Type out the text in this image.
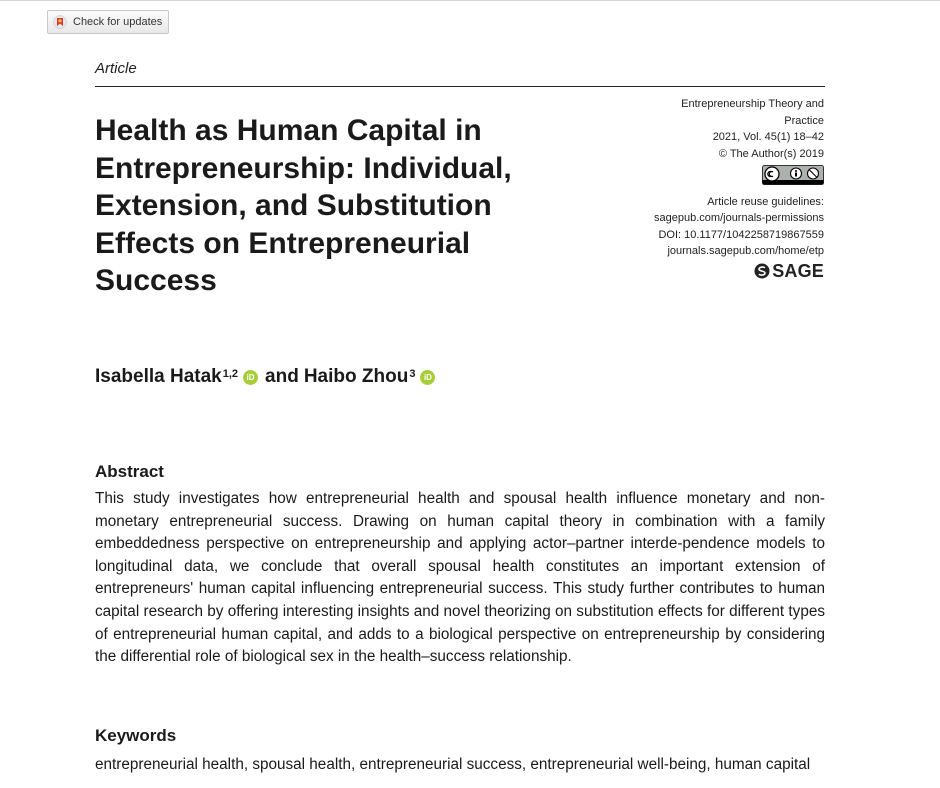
Check for updates
Article
Health as Human Capital in Entrepreneurship: Individual, Extension, and Substitution Effects on Entrepreneurial Success
Entrepreneurship Theory and
Practice
2021, Vol. 45(1) 18–42
© The Author(s) 2019
Article reuse guidelines:
sagepub.com/journals-permissions
DOI: 10.1177/1042258719867559
journals.sagepub.com/home/etp
SAGE
Isabella Hatak$^{1,2}$	iD and Haibo Zhou$^3$	iD
Abstract

This study investigates how entrepreneurial health and spousal health influence monetary and non-monetary entrepreneurial success. Drawing on human capital theory in combination with a family embeddedness perspective on entrepreneurship and applying actor–partner interde-pendence models to longitudinal data, we conclude that overall spousal health constitutes an important extension of entrepreneurs' human capital influencing entrepreneurial success. This study further contributes to human capital research by offering interesting insights and novel theorizing on substitution effects for different types of entrepreneurial human capital, and adds to a biological perspective on entrepreneurship by considering the differential role of biological sex in the health–success relationship.

Keywords

entrepreneurial health, spousal health, entrepreneurial success, entrepreneurial well-being, human capital
